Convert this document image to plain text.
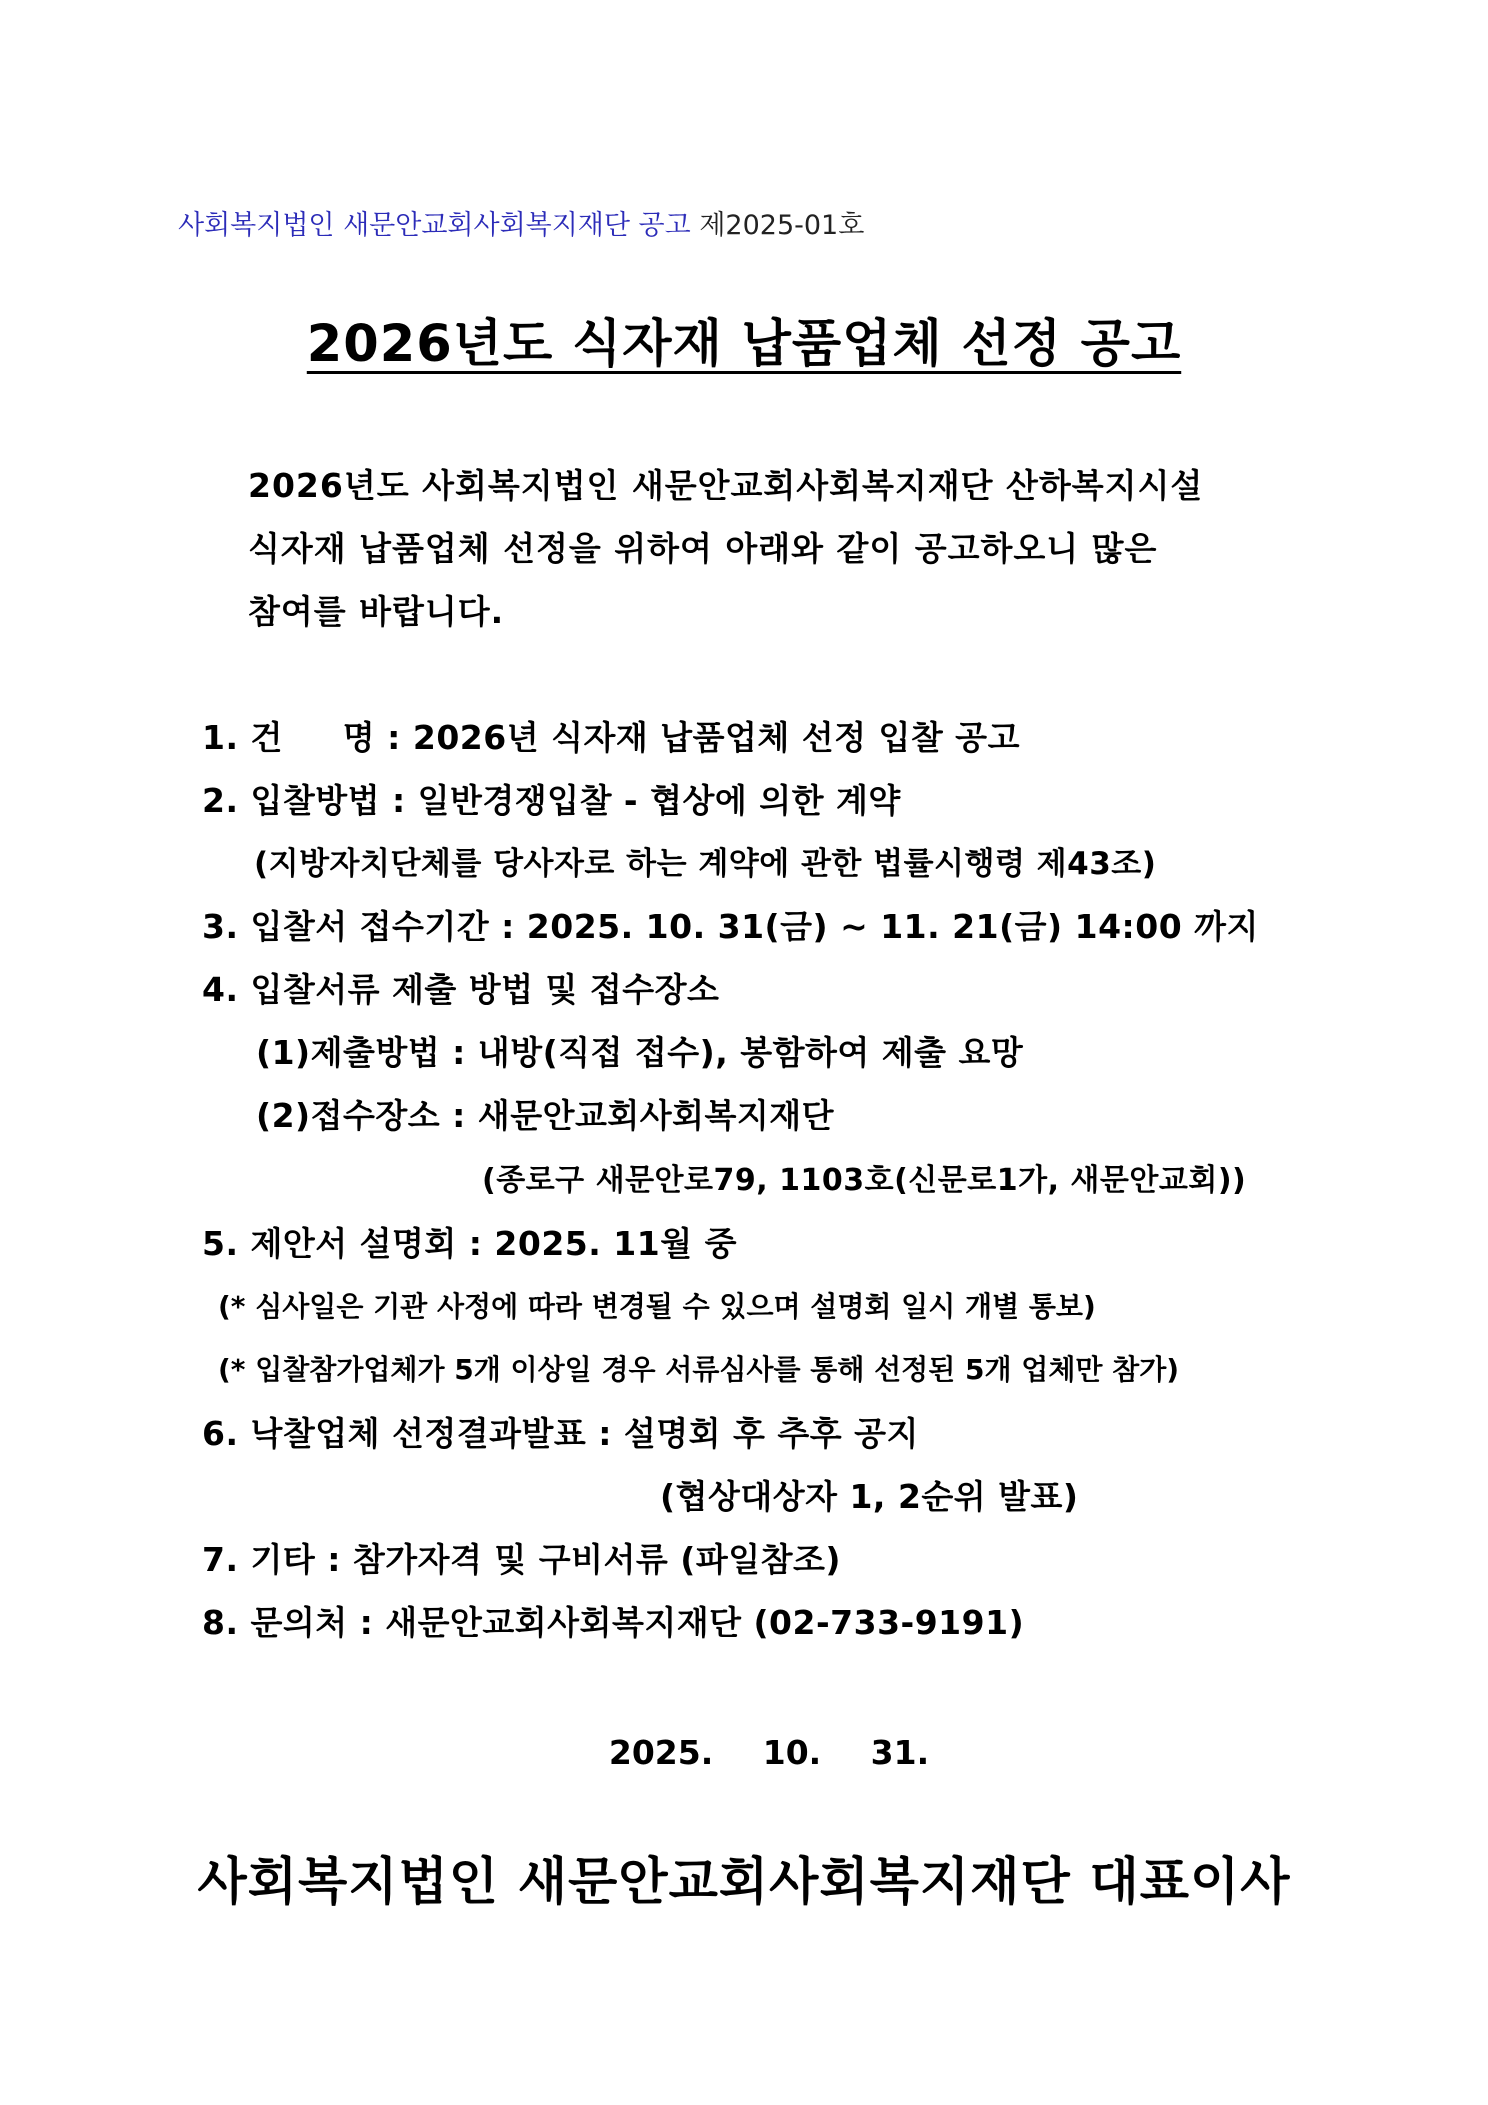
사회복지법인 새문안교회사회복지재단 공고 제2025-01호
2026년도 식자재 납품업체 선정 공고
2026년도 사회복지법인 새문안교회사회복지재단 산하복지시설
식자재 납품업체 선정을 위하여 아래와 같이 공고하오니 많은
참여를 바랍니다.
1. 건     명 : 2026년 식자재 납품업체 선정 입찰 공고
2. 입찰방법 : 일반경쟁입찰 - 협상에 의한 계약
(지방자치단체를 당사자로 하는 계약에 관한 법률시행령 제43조)
3. 입찰서 접수기간 : 2025. 10. 31(금) ~ 11. 21(금) 14:00 까지
4. 입찰서류 제출 방법 및 접수장소
(1)제출방법 : 내방(직접 접수), 봉함하여 제출 요망
(2)접수장소 : 새문안교회사회복지재단
(종로구 새문안로79, 1103호(신문로1가, 새문안교회))
5. 제안서 설명회 : 2025. 11월 중
(* 심사일은 기관 사정에 따라 변경될 수 있으며 설명회 일시 개별 통보)
(* 입찰참가업체가 5개 이상일 경우 서류심사를 통해 선정된 5개 업체만 참가)
6. 낙찰업체 선정결과발표 : 설명회 후 추후 공지
(협상대상자 1, 2순위 발표)
7. 기타 : 참가자격 및 구비서류 (파일참조)
8. 문의처 : 새문안교회사회복지재단 (02-733-9191)
2025. 10. 31.
사회복지법인 새문안교회사회복지재단 대표이사
